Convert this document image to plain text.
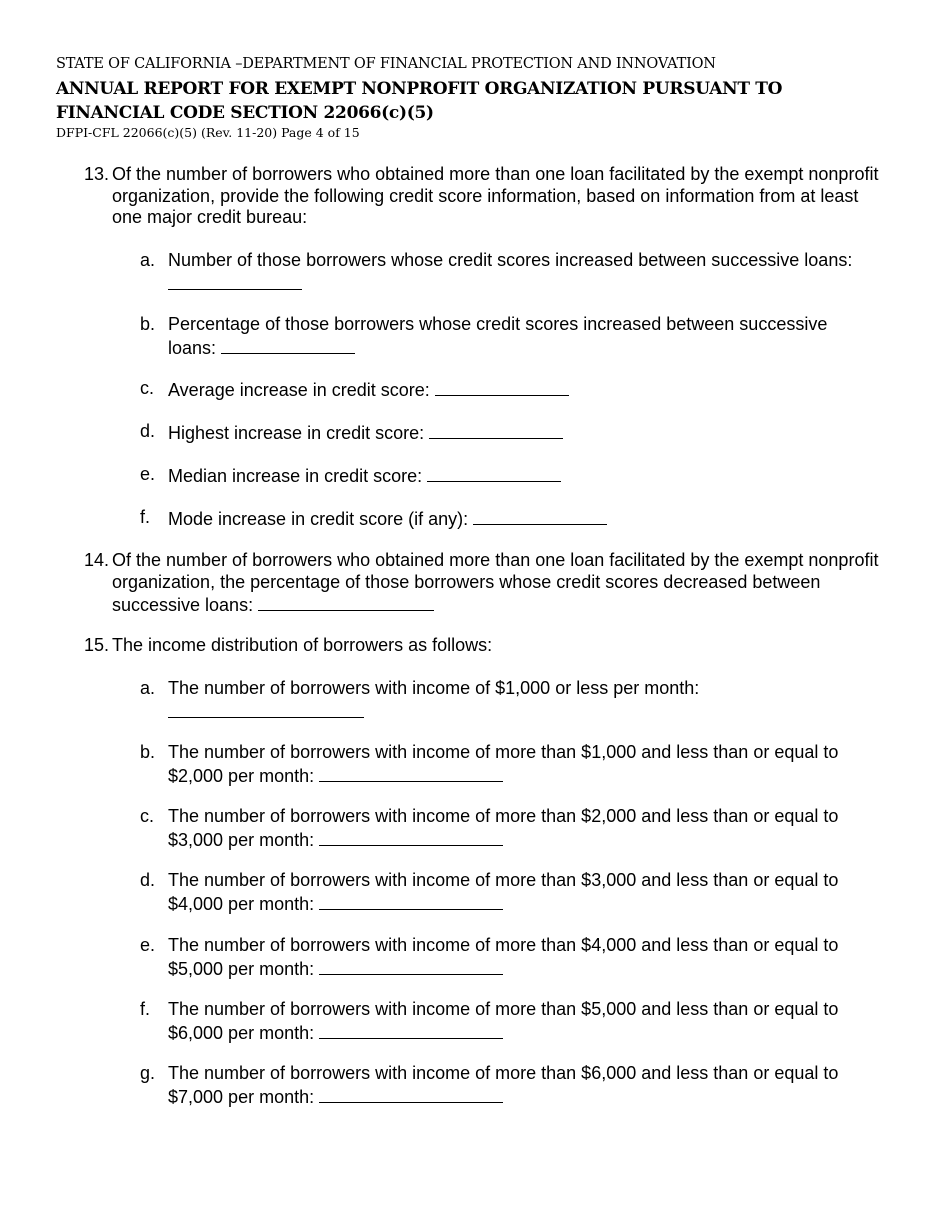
STATE OF CALIFORNIA –DEPARTMENT OF FINANCIAL PROTECTION AND INNOVATION
ANNUAL REPORT FOR EXEMPT NONPROFIT ORGANIZATION PURSUANT TO FINANCIAL CODE SECTION 22066(c)(5)
DFPI-CFL 22066(c)(5) (Rev. 11-20) Page 4 of 15
13. Of the number of borrowers who obtained more than one loan facilitated by the exempt nonprofit organization, provide the following credit score information, based on information from at least one major credit bureau:
a. Number of those borrowers whose credit scores increased between successive loans:

b. Percentage of those borrowers whose credit scores increased between successive loans:
c. Average increase in credit score:
d. Highest increase in credit score:
e. Median increase in credit score:
f. Mode increase in credit score (if any):
14. Of the number of borrowers who obtained more than one loan facilitated by the exempt nonprofit organization, the percentage of those borrowers whose credit scores decreased between successive loans:
15. The income distribution of borrowers as follows:
a. The number of borrowers with income of $1,000 or less per month:

b. The number of borrowers with income of more than $1,000 and less than or equal to $2,000 per month:
c. The number of borrowers with income of more than $2,000 and less than or equal to $3,000 per month:
d. The number of borrowers with income of more than $3,000 and less than or equal to $4,000 per month:
e. The number of borrowers with income of more than $4,000 and less than or equal to $5,000 per month:
f. The number of borrowers with income of more than $5,000 and less than or equal to $6,000 per month:
g. The number of borrowers with income of more than $6,000 and less than or equal to $7,000 per month:
